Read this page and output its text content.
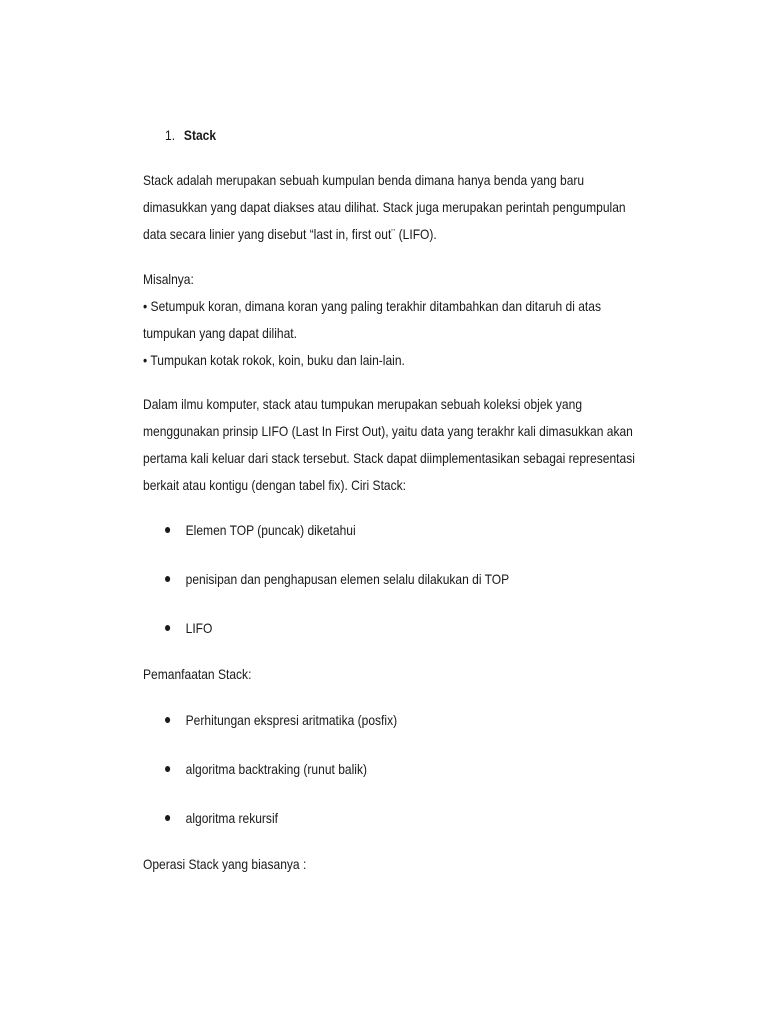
1. Stack
Stack adalah merupakan sebuah kumpulan benda dimana hanya benda yang baru
dimasukkan yang dapat diakses atau dilihat. Stack juga merupakan perintah pengumpulan
data secara linier yang disebut “last in, first out¨ (LIFO).
Misalnya:
• Setumpuk koran, dimana koran yang paling terakhir ditambahkan dan ditaruh di atas
tumpukan yang dapat dilihat.
• Tumpukan kotak rokok, koin, buku dan lain-lain.
Dalam ilmu komputer, stack atau tumpukan merupakan sebuah koleksi objek yang
menggunakan prinsip LIFO (Last In First Out), yaitu data yang terakhr kali dimasukkan akan
pertama kali keluar dari stack tersebut. Stack dapat diimplementasikan sebagai representasi
berkait atau kontigu (dengan tabel fix). Ciri Stack:
Elemen TOP (puncak) diketahui
penisipan dan penghapusan elemen selalu dilakukan di TOP
LIFO
Pemanfaatan Stack:
Perhitungan ekspresi aritmatika (posfix)
algoritma backtraking (runut balik)
algoritma rekursif
Operasi Stack yang biasanya :
